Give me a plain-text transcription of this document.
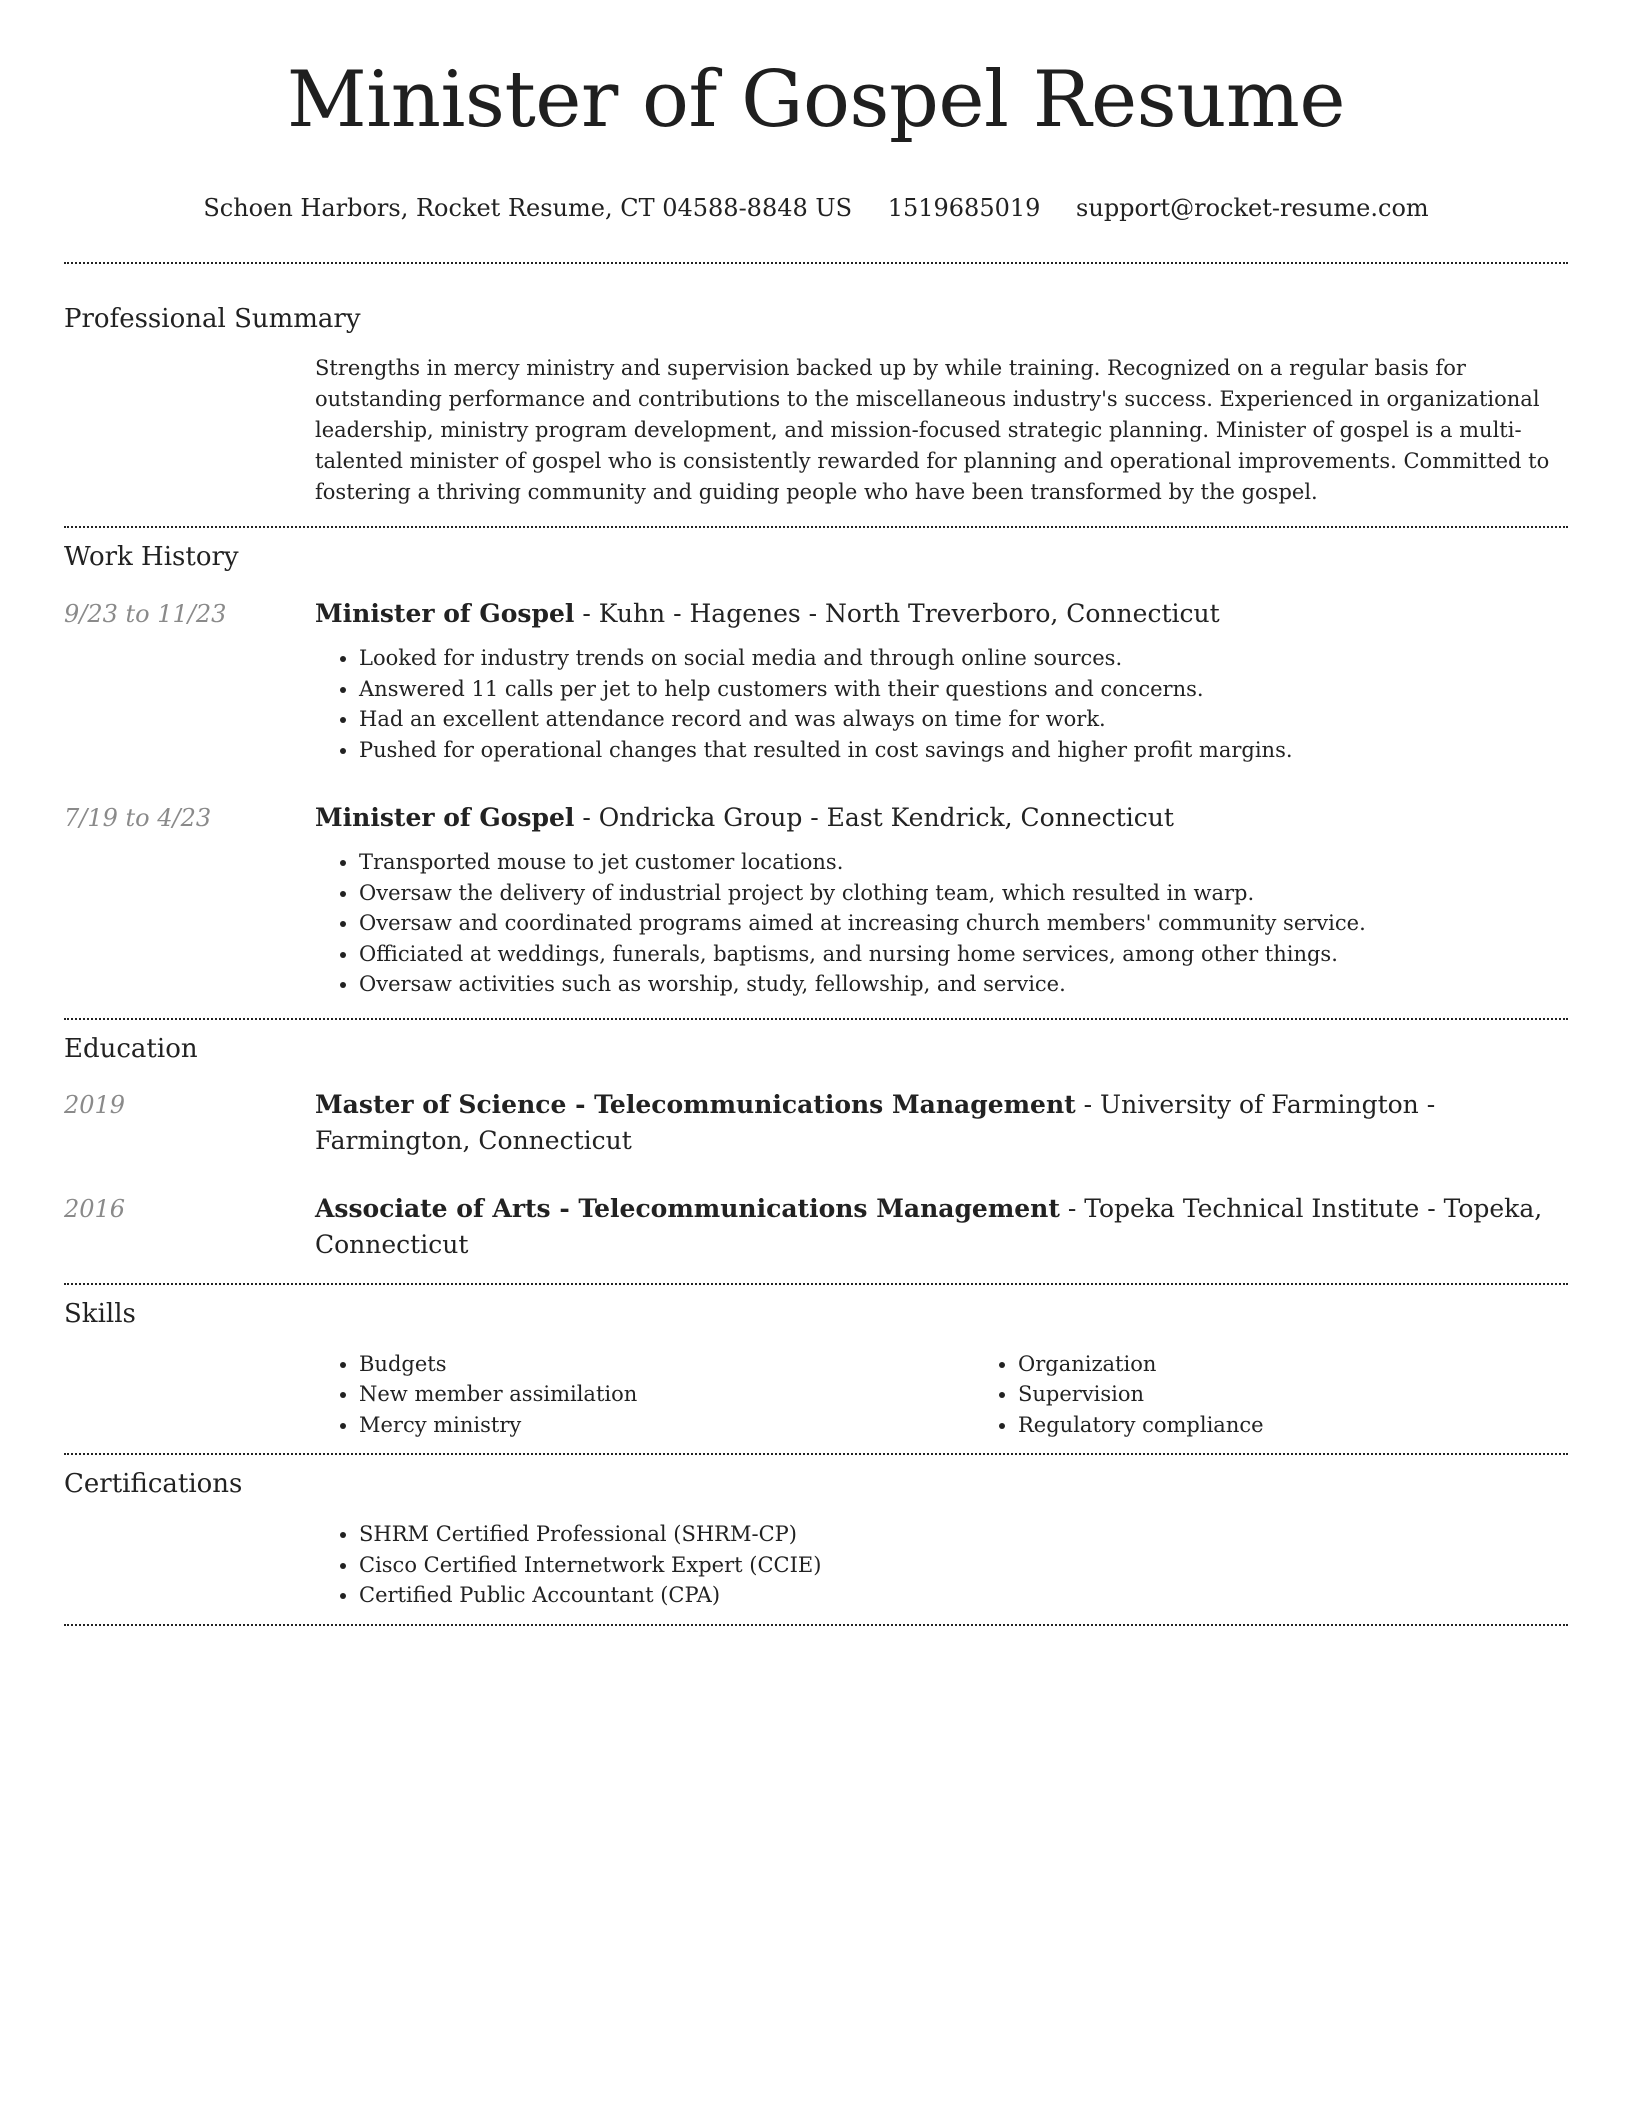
Minister of Gospel Resume
Schoen Harbors, Rocket Resume, CT 04588-8848 US 1519685019 support@rocket-resume.com
Professional Summary

Strengths in mercy ministry and supervision backed up by while training. Recognized on a regular basis for outstanding performance and contributions to the miscellaneous industry's success. Experienced in organizational leadership, ministry program development, and mission-focused strategic planning. Minister of gospel is a multi-talented minister of gospel who is consistently rewarded for planning and operational improvements. Committed to fostering a thriving community and guiding people who have been transformed by the gospel.

Work History
9/23 to 11/23	Minister of Gospel - Kuhn - Hagenes - North Treverboro, Connecticut
• Looked for industry trends on social media and through online sources.
• Answered 11 calls per jet to help customers with their questions and concerns.
• Had an excellent attendance record and was always on time for work.
• Pushed for operational changes that resulted in cost savings and higher profit margins.
7/19 to 4/23	Minister of Gospel - Ondricka Group - East Kendrick, Connecticut
• Transported mouse to jet customer locations.
• Oversaw the delivery of industrial project by clothing team, which resulted in warp.
• Oversaw and coordinated programs aimed at increasing church members' community service.
• Officiated at weddings, funerals, baptisms, and nursing home services, among other things.
• Oversaw activities such as worship, study, fellowship, and service.
Education
2019	Master of Science - Telecommunications Management - University of Farmington - Farmington, Connecticut
2016	Associate of Arts - Telecommunications Management - Topeka Technical Institute - Topeka, Connecticut
Skills
• Budgets
• New member assimilation
• Mercy ministry
• Organization
• Supervision
• Regulatory compliance
Certifications
• SHRM Certified Professional (SHRM-CP)
• Cisco Certified Internetwork Expert (CCIE)
• Certified Public Accountant (CPA)
